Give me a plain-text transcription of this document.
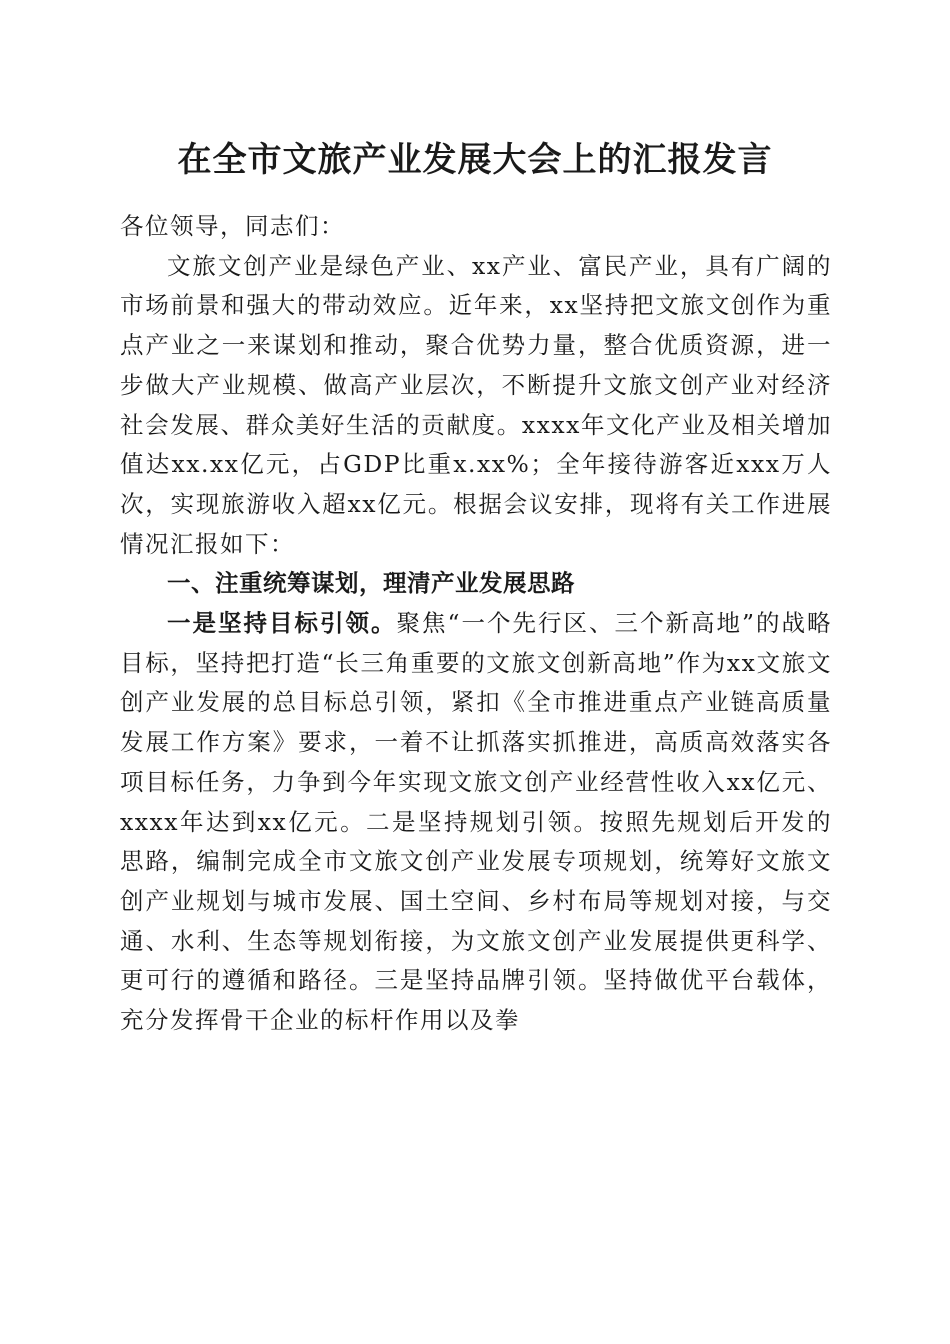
在全市文旅产业发展大会上的汇报发言

各位领导，同志们：

文旅文创产业是绿色产业、xx产业、富民产业，具有广阔的市场前景和强大的带动效应。近年来，xx坚持把文旅文创作为重点产业之一来谋划和推动，聚合优势力量，整合优质资源，进一步做大产业规模、做高产业层次，不断提升文旅文创产业对经济社会发展、群众美好生活的贡献度。xxxx年文化产业及相关增加值达xx.xx亿元，占GDP比重x.xx%；全年接待游客近xxx万人次，实现旅游收入超xx亿元。根据会议安排，现将有关工作进展情况汇报如下：

一、注重统筹谋划，理清产业发展思路

一是坚持目标引领。聚焦“一个先行区、三个新高地”的战略目标，坚持把打造“长三角重要的文旅文创新高地”作为xx文旅文创产业发展的总目标总引领，紧扣《全市推进重点产业链高质量发展工作方案》要求，一着不让抓落实抓推进，高质高效落实各项目标任务，力争到今年实现文旅文创产业经营性收入xx亿元、xxxx年达到xx亿元。二是坚持规划引领。按照先规划后开发的思路，编制完成全市文旅文创产业发展专项规划，统筹好文旅文创产业规划与城市发展、国土空间、乡村布局等规划对接，与交通、水利、生态等规划衔接，为文旅文创产业发展提供更科学、更可行的遵循和路径。三是坚持品牌引领。坚持做优平台载体，充分发挥骨干企业的标杆作用以及拳
